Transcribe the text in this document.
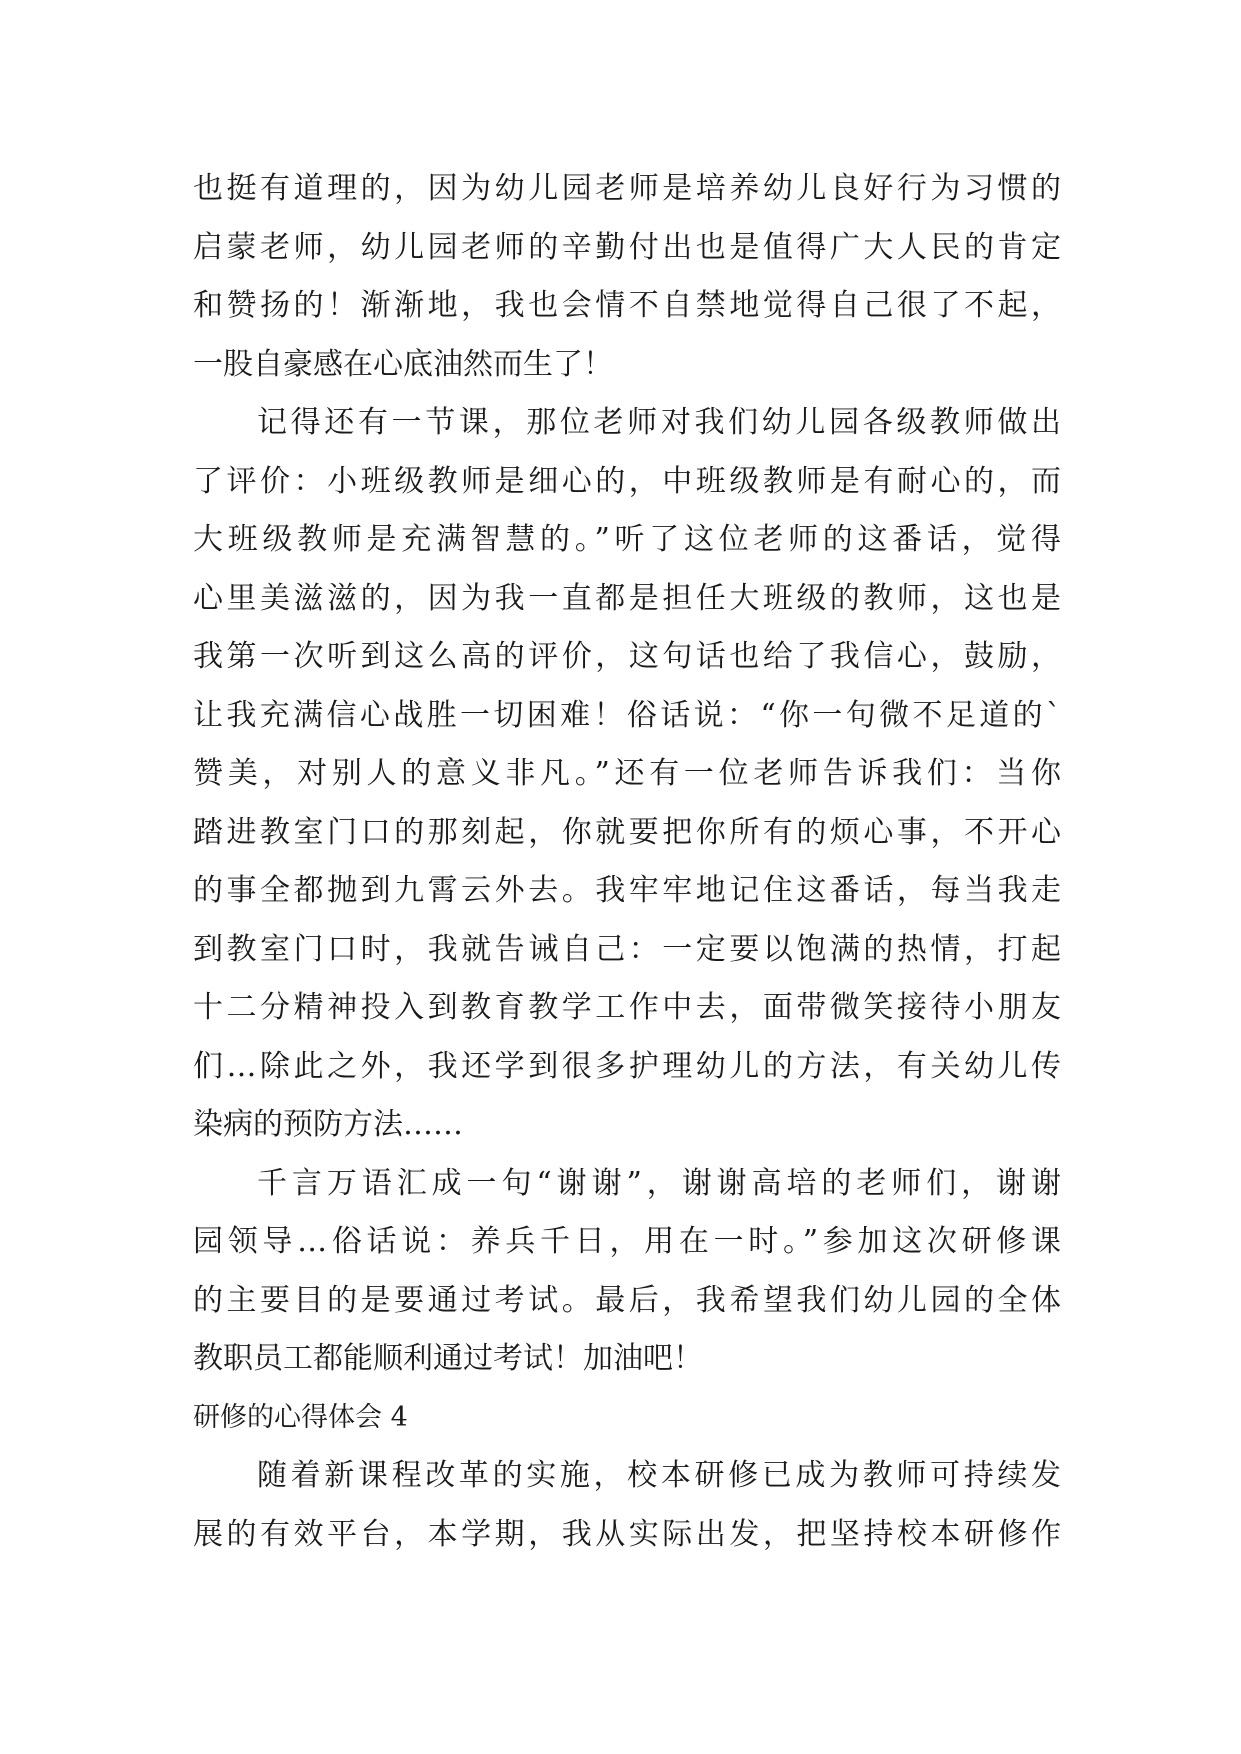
也挺有道理的，因为幼儿园老师是培养幼儿良好行为习惯的
启蒙老师，幼儿园老师的辛勤付出也是值得广大人民的肯定
和赞扬的！渐渐地，我也会情不自禁地觉得自己很了不起，
一股自豪感在心底油然而生了！
记得还有一节课，那位老师对我们幼儿园各级教师做出
了评价：小班级教师是细心的，中班级教师是有耐心的，而
大班级教师是充满智慧的。”听了这位老师的这番话，觉得
心里美滋滋的，因为我一直都是担任大班级的教师，这也是
我第一次听到这么高的评价，这句话也给了我信心，鼓励，
让我充满信心战胜一切困难！俗话说：“你一句微不足道的`
赞美，对别人的意义非凡。”还有一位老师告诉我们：当你
踏进教室门口的那刻起，你就要把你所有的烦心事，不开心
的事全都抛到九霄云外去。我牢牢地记住这番话，每当我走
到教室门口时，我就告诫自己：一定要以饱满的热情，打起
十二分精神投入到教育教学工作中去，面带微笑接待小朋友
们…除此之外，我还学到很多护理幼儿的方法，有关幼儿传
染病的预防方法……
千言万语汇成一句“谢谢”，谢谢高培的老师们，谢谢
园领导…俗话说：养兵千日，用在一时。”参加这次研修课
的主要目的是要通过考试。最后，我希望我们幼儿园的全体
教职员工都能顺利通过考试！加油吧！
研修的心得体会 4
随着新课程改革的实施，校本研修已成为教师可持续发
展的有效平台，本学期，我从实际出发，把坚持校本研修作
